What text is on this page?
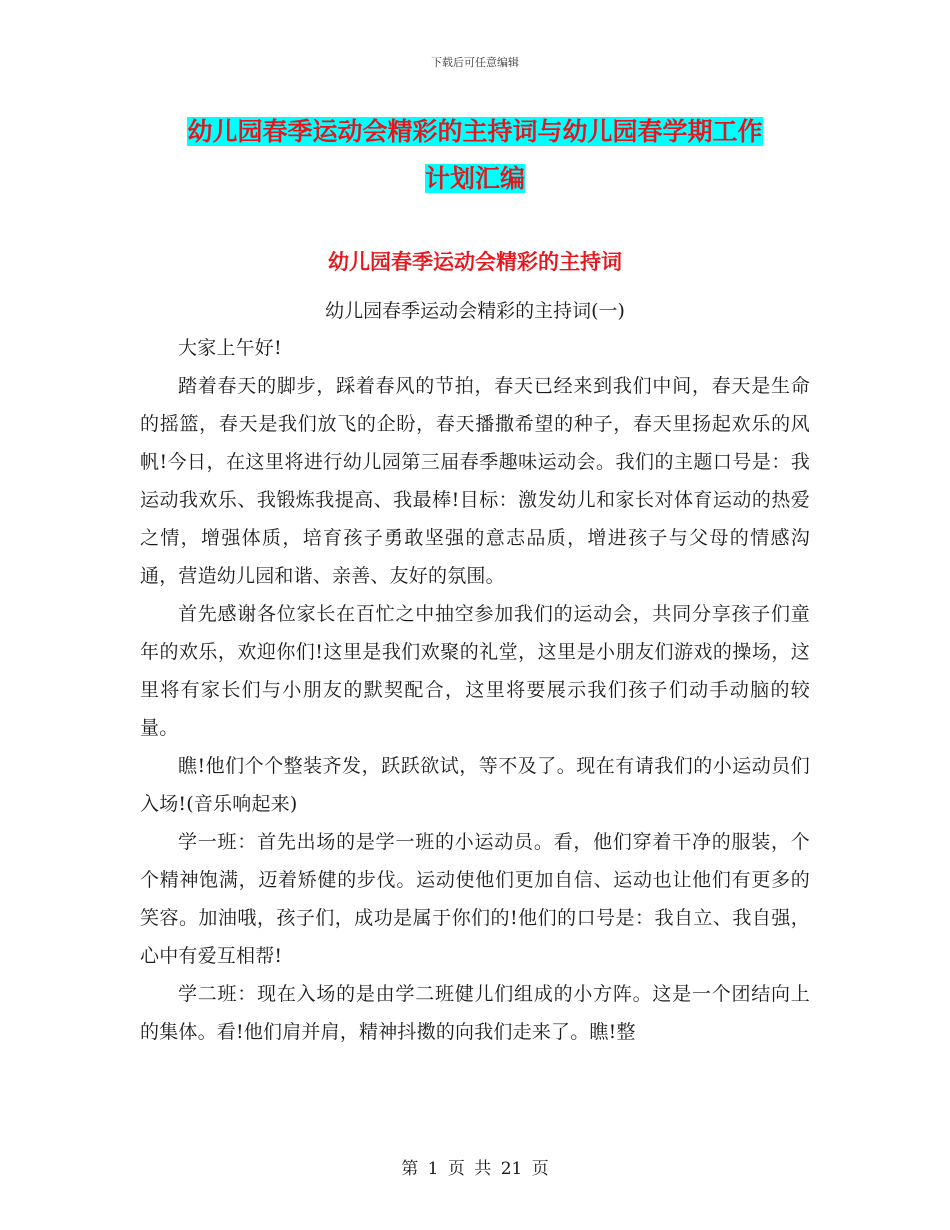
下载后可任意编辑
幼儿园春季运动会精彩的主持词与幼儿园春学期工作
计划汇编
幼儿园春季运动会精彩的主持词
幼儿园春季运动会精彩的主持词(一)

大家上午好!

踏着春天的脚步，踩着春风的节拍，春天已经来到我们中间，春天是生命的摇篮，春天是我们放飞的企盼，春天播撒希望的种子，春天里扬起欢乐的风帆!今日，在这里将进行幼儿园第三届春季趣味运动会。我们的主题口号是：我运动我欢乐、我锻炼我提高、我最棒!目标：激发幼儿和家长对体育运动的热爱之情，增强体质，培育孩子勇敢坚强的意志品质，增进孩子与父母的情感沟通，营造幼儿园和谐、亲善、友好的氛围。

首先感谢各位家长在百忙之中抽空参加我们的运动会，共同分享孩子们童年的欢乐，欢迎你们!这里是我们欢聚的礼堂，这里是小朋友们游戏的操场，这里将有家长们与小朋友的默契配合，这里将要展示我们孩子们动手动脑的较量。

瞧!他们个个整装齐发，跃跃欲试，等不及了。现在有请我们的小运动员们入场!(音乐响起来)

学一班：首先出场的是学一班的小运动员。看，他们穿着干净的服装，个个精神饱满，迈着矫健的步伐。运动使他们更加自信、运动也让他们有更多的笑容。加油哦，孩子们，成功是属于你们的!他们的口号是：我自立、我自强，心中有爱互相帮!

学二班：现在入场的是由学二班健儿们组成的小方阵。这是一个团结向上的集体。看!他们肩并肩，精神抖擞的向我们走来了。瞧!整

第 1 页 共 21 页
